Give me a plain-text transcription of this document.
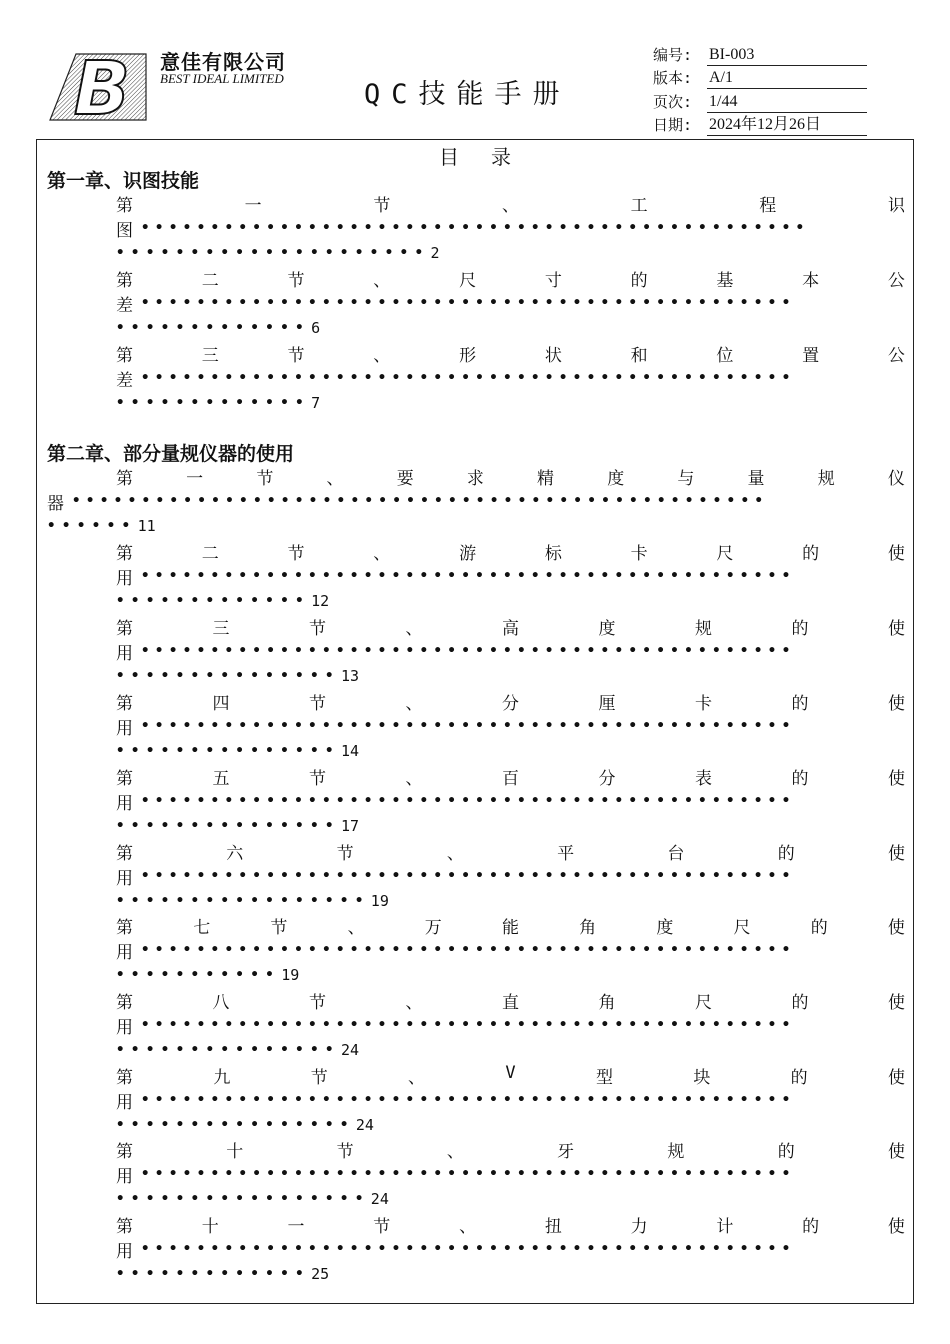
B 意佳有限公司
BEST IDEAL LIMITED
QC技能手册
编号: BI-003
版本: A/1
页次: 1/44
日期: 2024年12月26日
目录
第一章、识图技能
第	一	节	、	工	程	识
图 ••••••••••••••••••••••••••••••••••••••••••••••••
••••••••••••••••••••• 2
第	二	节	、	尺	寸	的	基	本	公
差 •••••••••••••••••••••••••••••••••••••••••••••••
••••••••••••• 6
第	三	节	、	形	状	和	位	置	公
差 •••••••••••••••••••••••••••••••••••••••••••••••
••••••••••••• 7
第二章、部分量规仪器的使用
第	一	节	、	要	求	精	度	与	量	规	仪
器 ••••••••••••••••••••••••••••••••••••••••••••••••••
•••••• 11
第	二	节	、	游	标	卡	尺	的	使
用 •••••••••••••••••••••••••••••••••••••••••••••••
••••••••••••• 12
第	三	节	、	高	度	规	的	使
用 •••••••••••••••••••••••••••••••••••••••••••••••
••••••••••••••• 13
第	四	节	、	分	厘	卡	的	使
用 •••••••••••••••••••••••••••••••••••••••••••••••
••••••••••••••• 14
第	五	节	、	百	分	表	的	使
用 •••••••••••••••••••••••••••••••••••••••••••••••
••••••••••••••• 17
第	六	节	、	平	台	的	使
用 •••••••••••••••••••••••••••••••••••••••••••••••
••••••••••••••••• 19
第	七	节	、	万	能	角	度	尺	的	使
用 •••••••••••••••••••••••••••••••••••••••••••••••
••••••••••• 19
第	八	节	、	直	角	尺	的	使
用 •••••••••••••••••••••••••••••••••••••••••••••••
••••••••••••••• 24
第	九	节	、	V	型	块	的	使
用 •••••••••••••••••••••••••••••••••••••••••••••••
•••••••••••••••• 24
第	十	节	、	牙	规	的	使
用 •••••••••••••••••••••••••••••••••••••••••••••••
••••••••••••••••• 24
第	十	一	节	、	扭	力	计	的	使
用 •••••••••••••••••••••••••••••••••••••••••••••••
••••••••••••• 25
